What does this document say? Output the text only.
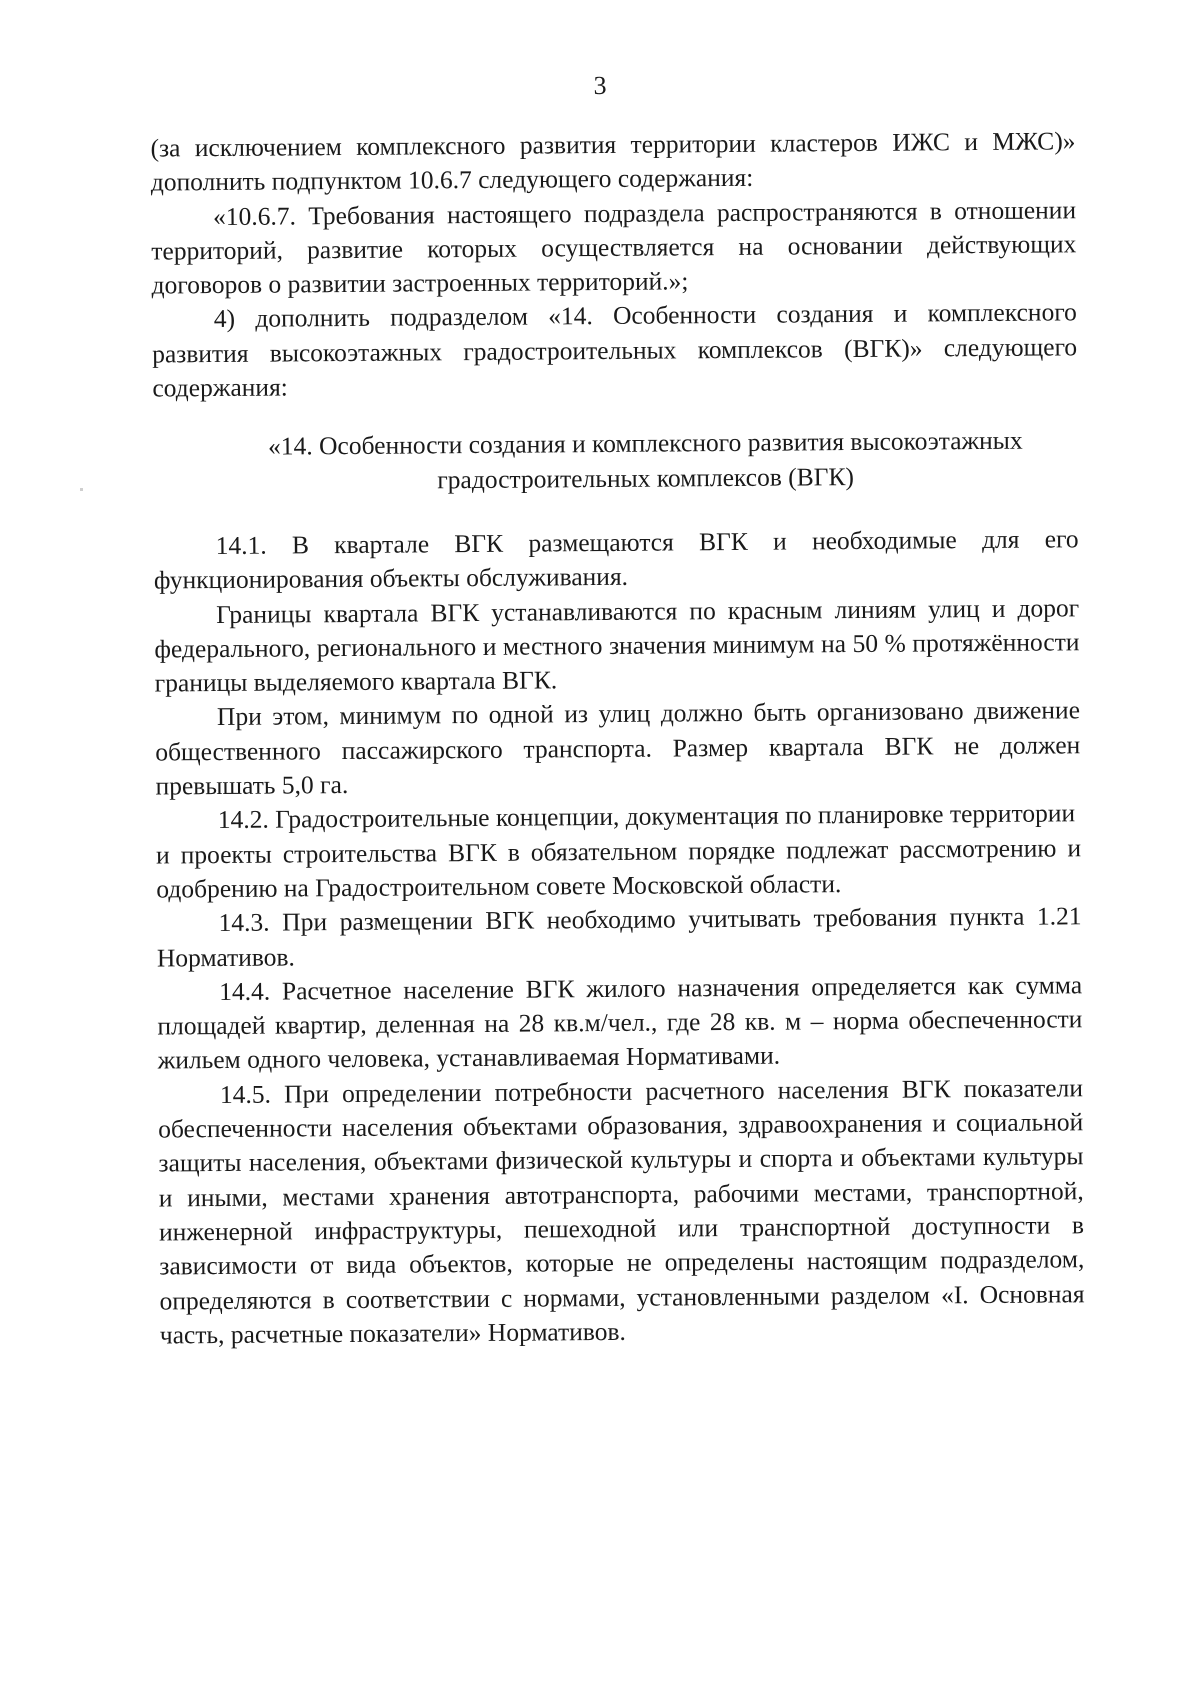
3

(за исключением комплексного развития территории кластеров ИЖС и МЖС)» дополнить подпунктом 10.6.7 следующего содержания:

«10.6.7. Требования настоящего подраздела распространяются в отношении территорий, развитие которых осуществляется на основании действующих договоров о развитии застроенных территорий.»;

4) дополнить подразделом «14. Особенности создания и комплексного развития высокоэтажных градостроительных комплексов (ВГК)» следующего содержания:

«14. Особенности создания и комплексного развития высокоэтажных
градостроительных комплексов (ВГК)

14.1. В квартале ВГК размещаются ВГК и необходимые для его функционирования объекты обслуживания.

Границы квартала ВГК устанавливаются по красным линиям улиц и дорог федерального, регионального и местного значения минимум на 50 % протяжённости границы выделяемого квартала ВГК.

При этом, минимум по одной из улиц должно быть организовано движение общественного пассажирского транспорта. Размер квартала ВГК не должен превышать 5,0 га.

14.2. Градостроительные концепции, документация по планировке территории

и проекты строительства ВГК в обязательном порядке подлежат рассмотрению и одобрению на Градостроительном совете Московской области.

14.3. При размещении ВГК необходимо учитывать требования пункта 1.21 Нормативов.

14.4. Расчетное население ВГК жилого назначения определяется как сумма площадей квартир, деленная на 28 кв.м/чел., где 28 кв. м – норма обеспеченности жильем одного человека, устанавливаемая Нормативами.

14.5. При определении потребности расчетного населения ВГК показатели обеспеченности населения объектами образования, здравоохранения и социальной защиты населения, объектами физической культуры и спорта и объектами культуры и иными, местами хранения автотранспорта, рабочими местами, транспортной, инженерной инфраструктуры, пешеходной или транспортной доступности в зависимости от вида объектов, которые не определены настоящим подразделом, определяются в соответствии с нормами, установленными разделом «I. Основная часть, расчетные показатели» Нормативов.
